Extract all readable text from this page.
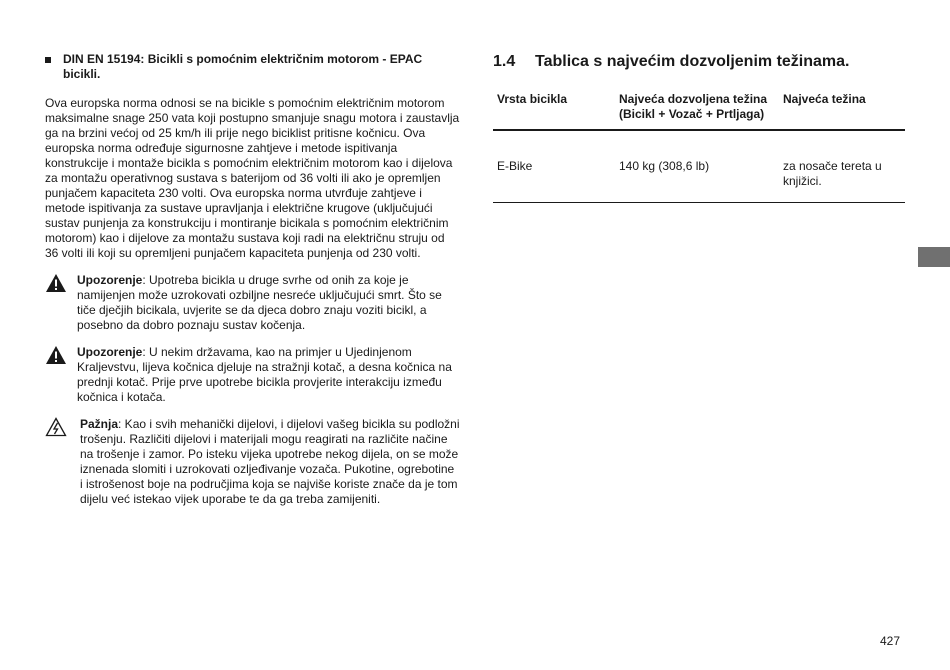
DIN EN 15194: Bicikli s pomoćnim električnim motorom - EPAC bicikli.
Ova europska norma odnosi se na bicikle s pomoćnim električnim motorom maksimalne snage 250 vata koji postupno smanjuje snagu motora i zaustavlja ga na brzini većoj od 25 km/h ili prije nego biciklist pritisne kočnicu. Ova europska norma određuje sigurnosne zahtjeve i metode ispitivanja konstrukcije i montaže bicikla s pomoćnim električnim motorom kao i dijelova za montažu operativnog sustava s baterijom od 36 volti ili ako je opremljen punjačem kapaciteta 230 volti. Ova europska norma utvrđuje zahtjeve i metode ispitivanja za sustave upravljanja i električne krugove (uključujući sustav punjenja za konstrukciju i montiranje bicikala s pomoćnim električnim motorom) kao i dijelove za montažu sustava koji radi na električnu struju od 36 volti ili koji su opremljeni punjačem kapaciteta punjenja od 230 volti.
Upozorenje: Upotreba bicikla u druge svrhe od onih za koje je namijenjen može uzrokovati ozbiljne nesreće uključujući smrt. Što se tiče dječjih bicikala, uvjerite se da djeca dobro znaju voziti bicikl, a posebno da dobro poznaju sustav kočenja.
Upozorenje: U nekim državama, kao na primjer u Ujedinjenom Kraljevstvu, lijeva kočnica djeluje na stražnji kotač, a desna kočnica na prednji kotač. Prije prve upotrebe bicikla provjerite interakciju između kočnica i kotača.
Pažnja: Kao i svih mehanički dijelovi, i dijelovi vašeg bicikla su podložni trošenju. Različiti dijelovi i materijali mogu reagirati na različite načine na trošenje i zamor. Po isteku vijeka upotrebe nekog dijela, on se može iznenada slomiti i uzrokovati ozljeđivanje vozača. Pukotine, ogrebotine i istrošenost boje na područjima koja se najviše koriste znače da je tom dijelu već istekao vijek uporabe te da ga treba zamijeniti.
1.4 Tablica s najvećim dozvoljenim težinama.
Vrsta bicikla	Najveća dozvoljena težina (Bicikl + Vozač + Prtljaga)	Najveća težina
E-Bike	140 kg (308,6 lb)	za nosače tereta u knjižici.
427
